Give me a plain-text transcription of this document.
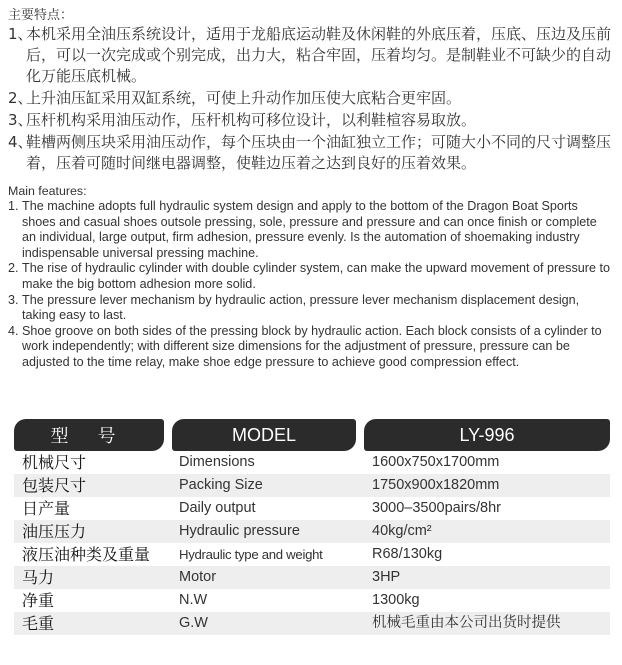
主要特点：
1、
本机采用全油压系统设计，适用于龙船底运动鞋及休闲鞋的外底压着，压底、压边及压前后，可以一次完成或个别完成，出力大，粘合牢固，压着均匀。是制鞋业不可缺少的自动化万能压底机械。
2、
上升油压缸采用双缸系统，可使上升动作加压使大底粘合更牢固。
3、
压杆机构采用油压动作，压杆机构可移位设计，以利鞋楦容易取放。
4、
鞋槽两侧压块采用油压动作，每个压块由一个油缸独立工作；可随大小不同的尺寸调整压着，压着可随时间继电器调整，使鞋边压着之达到良好的压着效果。
Main features:
1. The machine adopts full hydraulic system design and apply to the bottom of the Dragon Boat Sports shoes and casual shoes outsole pressing, sole, pressure and pressure and can once finish or complete an individual, large output, firm adhesion, pressure evenly. Is the automation of shoemaking industry indispensable universal pressing machine.
2. The rise of hydraulic cylinder with double cylinder system, can make the upward movement of pressure to make the big bottom adhesion more solid.
3. The pressure lever mechanism by hydraulic action, pressure lever mechanism displacement design, taking easy to last.
4. Shoe groove on both sides of the pressing block by hydraulic action. Each block consists of a cylinder to work independently; with different size dimensions for the adjustment of pressure, pressure can be adjusted to the time relay, make shoe edge pressure to achieve good compression effect.
型 号	MODEL	LY-996
机械尺寸	Dimensions	1600x750x1700mm
包装尺寸	Packing Size	1750x900x1820mm
日产量	Daily output	3000–3500pairs/8hr
油压压力	Hydraulic pressure	40kg/cm²
液压油种类及重量 Hydraulic type and weight	R68/130kg
马力	Motor	3HP
净重	N.W	1300kg
毛重	G.W	机械毛重由本公司出货时提供
